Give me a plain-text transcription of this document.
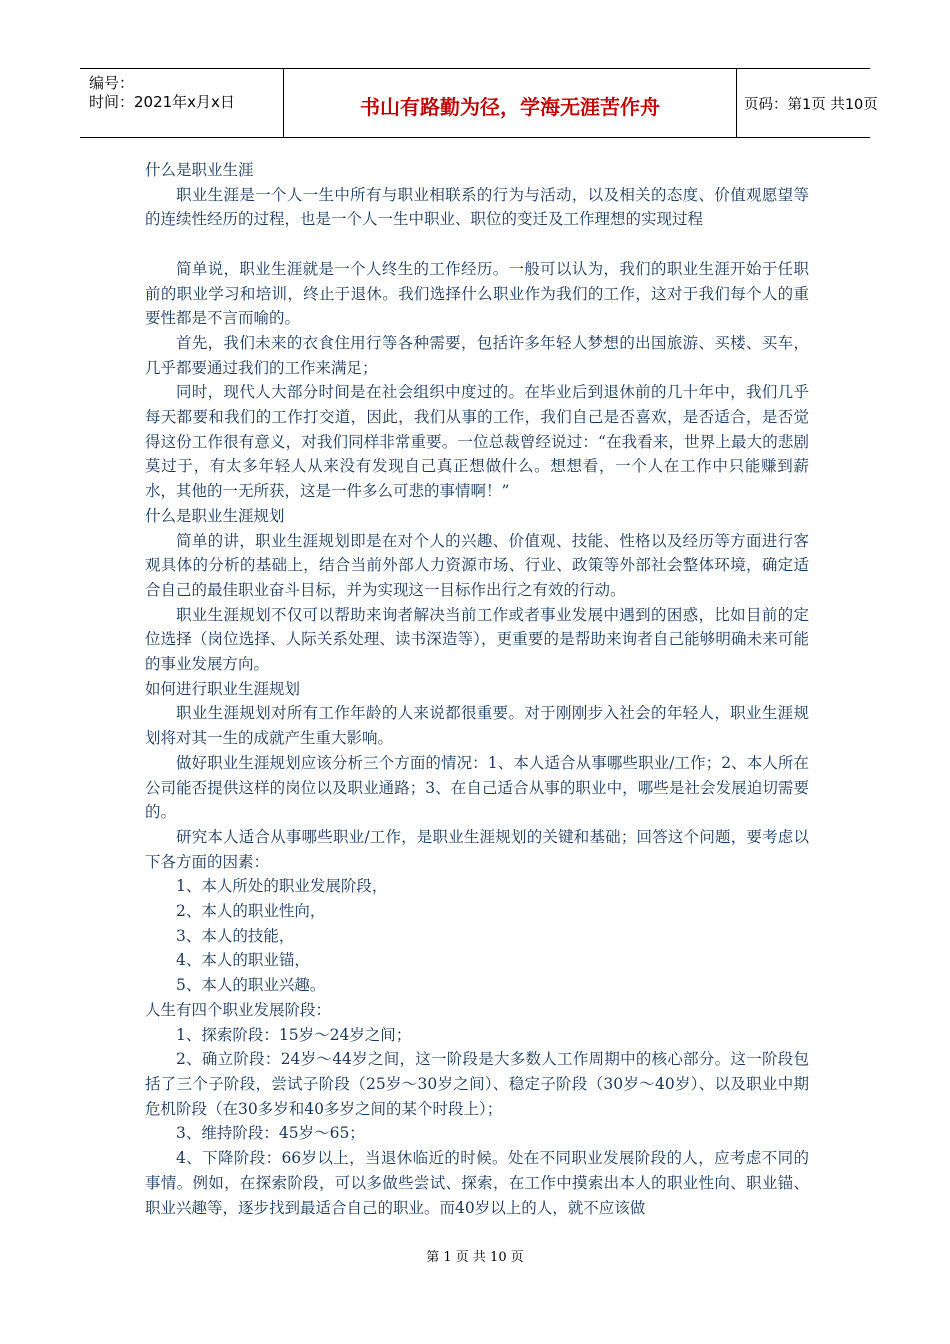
编号：
时间：2021年x月x日	书山有路勤为径，学海无涯苦作舟	页码：第1页 共10页

什么是职业生涯

职业生涯是一个人一生中所有与职业相联系的行为与活动，以及相关的态度、价值观愿望等的连续性经历的过程，也是一个人一生中职业、职位的变迁及工作理想的实现过程

简单说，职业生涯就是一个人终生的工作经历。一般可以认为，我们的职业生涯开始于任职前的职业学习和培训，终止于退休。我们选择什么职业作为我们的工作，这对于我们每个人的重要性都是不言而喻的。

首先，我们未来的衣食住用行等各种需要，包括许多年轻人梦想的出国旅游、买楼、买车，几乎都要通过我们的工作来满足；

同时，现代人大部分时间是在社会组织中度过的。在毕业后到退休前的几十年中，我们几乎每天都要和我们的工作打交道，因此，我们从事的工作，我们自己是否喜欢，是否适合，是否觉得这份工作很有意义，对我们同样非常重要。一位总裁曾经说过：“在我看来，世界上最大的悲剧莫过于，有太多年轻人从来没有发现自己真正想做什么。想想看，一个人在工作中只能赚到薪水，其他的一无所获，这是一件多么可悲的事情啊！”

什么是职业生涯规划

简单的讲，职业生涯规划即是在对个人的兴趣、价值观、技能、性格以及经历等方面进行客观具体的分析的基础上，结合当前外部人力资源市场、行业、政策等外部社会整体环境，确定适合自己的最佳职业奋斗目标，并为实现这一目标作出行之有效的行动。

职业生涯规划不仅可以帮助来询者解决当前工作或者事业发展中遇到的困惑，比如目前的定位选择（岗位选择、人际关系处理、读书深造等），更重要的是帮助来询者自己能够明确未来可能的事业发展方向。

如何进行职业生涯规划

职业生涯规划对所有工作年龄的人来说都很重要。对于刚刚步入社会的年轻人，职业生涯规划将对其一生的成就产生重大影响。

做好职业生涯规划应该分析三个方面的情况：1、本人适合从事哪些职业/工作；2、本人所在公司能否提供这样的岗位以及职业通路；3、在自己适合从事的职业中，哪些是社会发展迫切需要的。

研究本人适合从事哪些职业/工作，是职业生涯规划的关键和基础；回答这个问题，要考虑以下各方面的因素：

1、本人所处的职业发展阶段，

2、本人的职业性向，

3、本人的技能，

4、本人的职业锚，

5、本人的职业兴趣。

人生有四个职业发展阶段：

1、探索阶段：15岁～24岁之间；

2、确立阶段：24岁～44岁之间，这一阶段是大多数人工作周期中的核心部分。这一阶段包括了三个子阶段，尝试子阶段（25岁～30岁之间）、稳定子阶段（30岁～40岁）、以及职业中期危机阶段（在30多岁和40多岁之间的某个时段上）；

3、维持阶段：45岁～65；

4、下降阶段：66岁以上，当退休临近的时候。处在不同职业发展阶段的人，应考虑不同的事情。例如，在探索阶段，可以多做些尝试、探索，在工作中摸索出本人的职业性向、职业锚、职业兴趣等，逐步找到最适合自己的职业。而40岁以上的人，就不应该做

第 1 页 共 10 页
